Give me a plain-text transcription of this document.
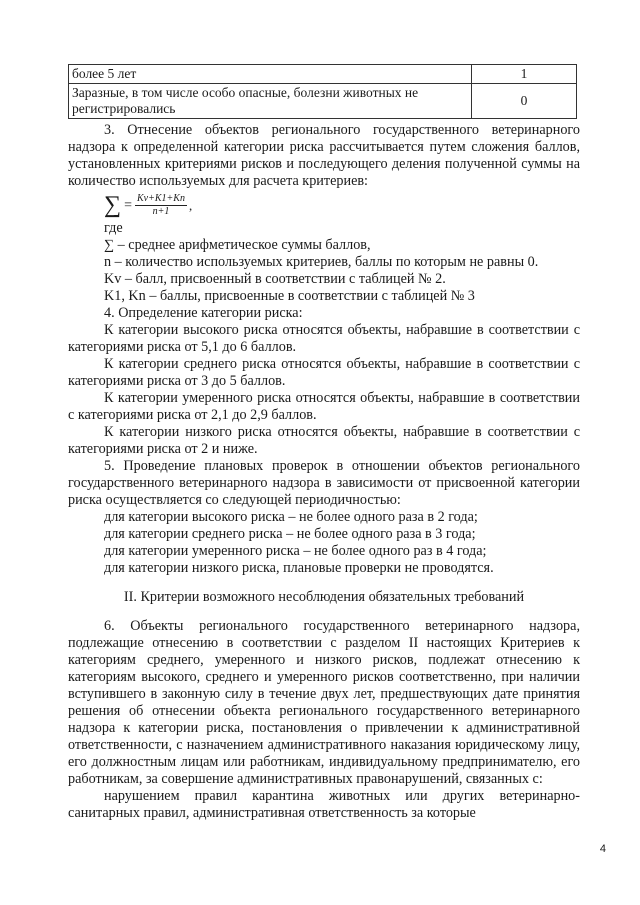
более 5 лет	1
Заразные, в том числе особо опасные, болезни животных не регистрировались	0

3. Отнесение объектов регионального государственного ветеринарного надзора к определенной категории риска рассчитывается путем сложения баллов, установленных критериями рисков и последующего деления полученной суммы на количество используемых для расчета критериев:

∑ = $\frac{Kv+K1+Kn}{n+1}$ ,

где

∑ – среднее арифметическое суммы баллов,

n – количество используемых критериев, баллы по которым не равны 0.

Kv – балл, присвоенный в соответствии с таблицей № 2.

K1, Kn – баллы, присвоенные в соответствии с таблицей № 3

4. Определение категории риска:

К категории высокого риска относятся объекты, набравшие в соответствии с категориями риска от 5,1 до 6 баллов.

К категории среднего риска относятся объекты, набравшие в соответствии с категориями риска от 3 до 5 баллов.

К категории умеренного риска относятся объекты, набравшие в соответствии с категориями риска от 2,1 до 2,9 баллов.

К категории низкого риска относятся объекты, набравшие в соответствии с категориями риска от 2 и ниже.

5. Проведение плановых проверок в отношении объектов регионального государственного ветеринарного надзора в зависимости от присвоенной категории риска осуществляется со следующей периодичностью:

для категории высокого риска – не более одного раза в 2 года;

для категории среднего риска – не более одного раза в 3 года;

для категории умеренного риска – не более одного раз в 4 года;

для категории низкого риска, плановые проверки не проводятся.

II. Критерии возможного несоблюдения обязательных требований

6. Объекты регионального государственного ветеринарного надзора, подлежащие отнесению в соответствии с разделом II настоящих Критериев к категориям среднего, умеренного и низкого рисков, подлежат отнесению к категориям высокого, среднего и умеренного рисков соответственно, при наличии вступившего в законную силу в течение двух лет, предшествующих дате принятия решения об отнесении объекта регионального государственного ветеринарного надзора к категории риска, постановления о привлечении к административной ответственности, с назначением административного наказания юридическому лицу, его должностным лицам или работникам, индивидуальному предпринимателю, его работникам, за совершение административных правонарушений, связанных с:

нарушением правил карантина животных или других ветеринарно-санитарных правил, административная ответственность за которые

4
